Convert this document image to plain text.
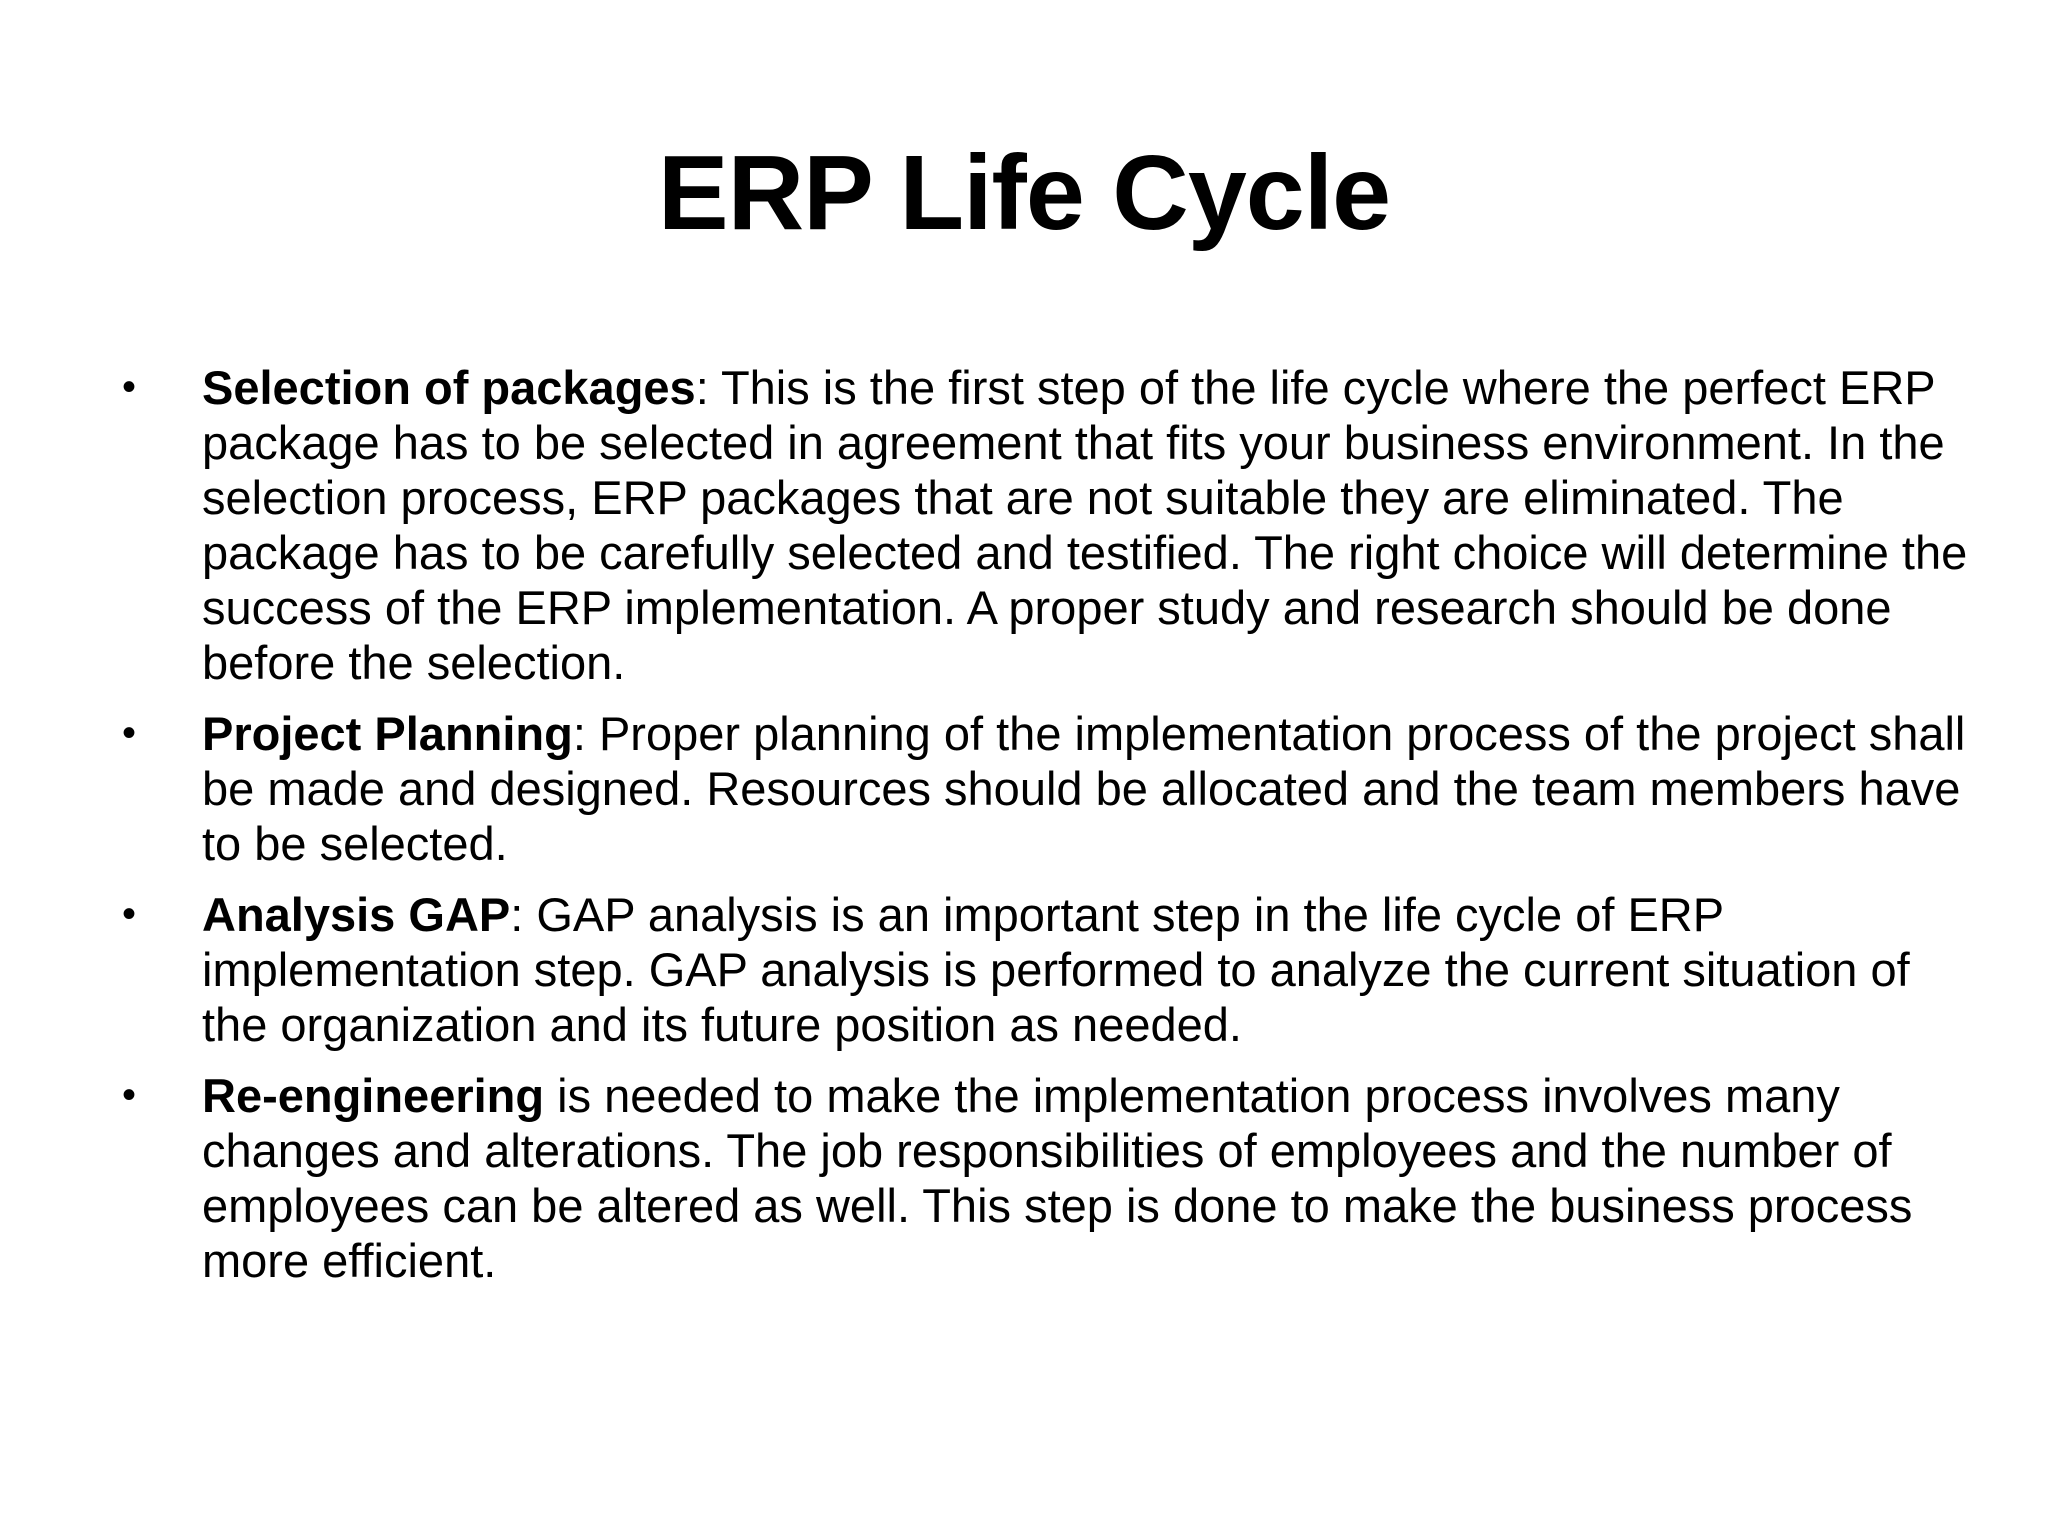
ERP Life Cycle
•	Selection of packages: This is the first step of the life cycle where the perfect ERP package has to be selected in agreement that fits your business environment. In the selection process, ERP packages that are not suitable they are eliminated. The package has to be carefully selected and testified. The right choice will determine the success of the ERP implementation. A proper study and research should be done before the selection.
•	Project Planning: Proper planning of the implementation process of the project shall be made and designed. Resources should be allocated and the team members have to be selected.
•	Analysis GAP: GAP analysis is an important step in the life cycle of ERP implementation step. GAP analysis is performed to analyze the current situation of the organization and its future position as needed.
•	Re-engineering is needed to make the implementation process involves many changes and alterations. The job responsibilities of employees and the number of employees can be altered as well. This step is done to make the business process more efficient.
